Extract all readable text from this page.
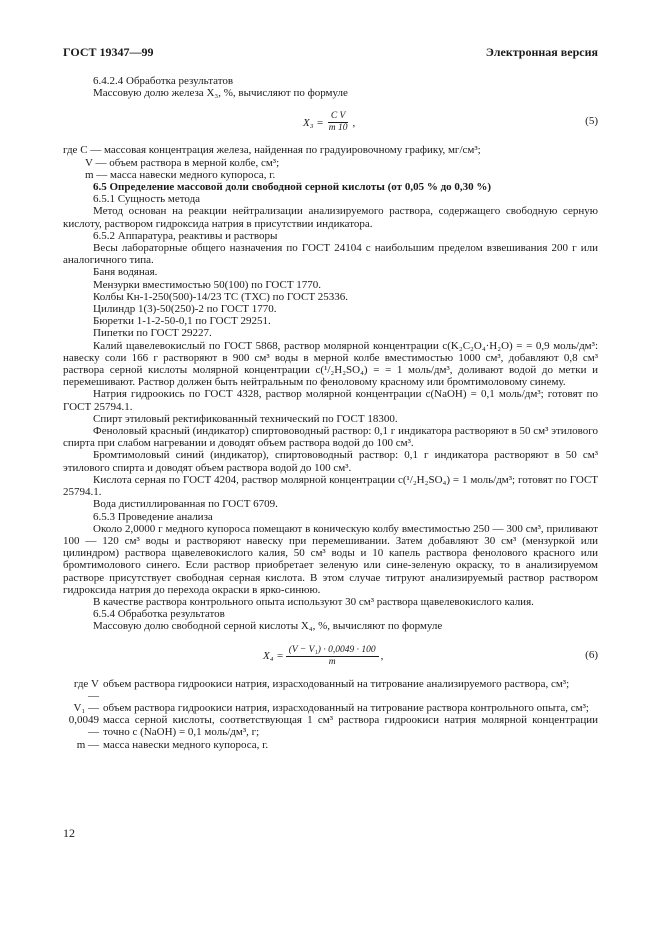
ГОСТ 19347—99	Электронная версия

6.4.2.4 Обработка результатов

Массовую долю железа X₃, %, вычисляют по формуле

$X_3 = \frac{\text{C V}}{m 10}$ ,	(5)

где C — массовая концентрация железа, найденная по градуировочному графику, мг/см³;

V — объем раствора в мерной колбе, см³;

m — масса навески медного купороса, г.

6.5 Определение массовой доли свободной серной кислоты (от 0,05 % до 0,30 %)

6.5.1 Сущность метода

Метод основан на реакции нейтрализации анализируемого раствора, содержащего свободную серную кислоту, раствором гидроксида натрия в присутствии индикатора.

6.5.2 Аппаратура, реактивы и растворы

Весы лабораторные общего назначения по ГОСТ 24104 с наибольшим пределом взвешивания 200 г или аналогичного типа.

Баня водяная.

Мензурки вместимостью 50(100) по ГОСТ 1770.

Колбы Кн-1-250(500)-14/23 ТС (ТХС) по ГОСТ 25336.

Цилиндр 1(3)-50(250)-2 по ГОСТ 1770.

Бюретки 1-1-2-50-0,1 по ГОСТ 29251.

Пипетки по ГОСТ 29227.

Калий щавелевокислый по ГОСТ 5868, раствор молярной концентрации c(K₂C₂O₄·H₂O) = = 0,9 моль/дм³: навеску соли 166 г растворяют в 900 см³ воды в мерной колбе вместимостью 1000 см³, добавляют 0,8 см³ раствора серной кислоты молярной концентрации c(¹/₂H₂SO₄) = = 1 моль/дм³, доливают водой до метки и перемешивают. Раствор должен быть нейтральным по феноловому красному или бромтимоловому синему.

Натрия гидроокись по ГОСТ 4328, раствор молярной концентрации c(NaOH) = 0,1 моль/дм³; готовят по ГОСТ 25794.1.

Спирт этиловый ректификованный технический по ГОСТ 18300.

Феноловый красный (индикатор) спиртововодный раствор: 0,1 г индикатора растворяют в 50 см³ этилового спирта при слабом нагревании и доводят объем раствора водой до 100 см³.

Бромтимоловый синий (индикатор), спиртововодный раствор: 0,1 г индикатора растворяют в 50 см³ этилового спирта и доводят объем раствора водой до 100 см³.

Кислота серная по ГОСТ 4204, раствор молярной концентрации c(¹/₂H₂SO₄) = 1 моль/дм³; готовят по ГОСТ 25794.1.

Вода дистиллированная по ГОСТ 6709.

6.5.3 Проведение анализа

Около 2,0000 г медного купороса помещают в коническую колбу вместимостью 250 — 300 см³, приливают 100 — 120 см³ воды и растворяют навеску при перемешивании. Затем добавляют 30 см³ (мензуркой или цилиндром) раствора щавелевокислого калия, 50 см³ воды и 10 капель раствора фенолового красного или бромтимолового синего. Если раствор приобретает зеленую или сине-зеленую окраску, то в анализируемом растворе присутствует свободная серная кислота. В этом случае титруют анализируемый раствор раствором гидроксида натрия до перехода окраски в ярко-синюю.

В качестве раствора контрольного опыта используют 30 см³ раствора щавелевокислого калия.

6.5.4 Обработка результатов

Массовую долю свободной серной кислоты X₄, %, вычисляют по формуле

$X_4 = \frac{\text{(V − V₁) · 0,0049 · 100}}{m}$ ,	(6)
где V —
объем раствора гидроокиси натрия, израсходованный на титрование анализируемого раствора, см³;
V₁ — объем раствора гидроокиси натрия, израсходованный на титрование раствора контрольного опыта, см³;
0,0049 —
масса серной кислоты, соответствующая 1 см³ раствора гидроокиси натрия молярной концентрации точно c (NaOH) = 0,1 моль/дм³, г;
m — масса навески медного купороса, г.
12
